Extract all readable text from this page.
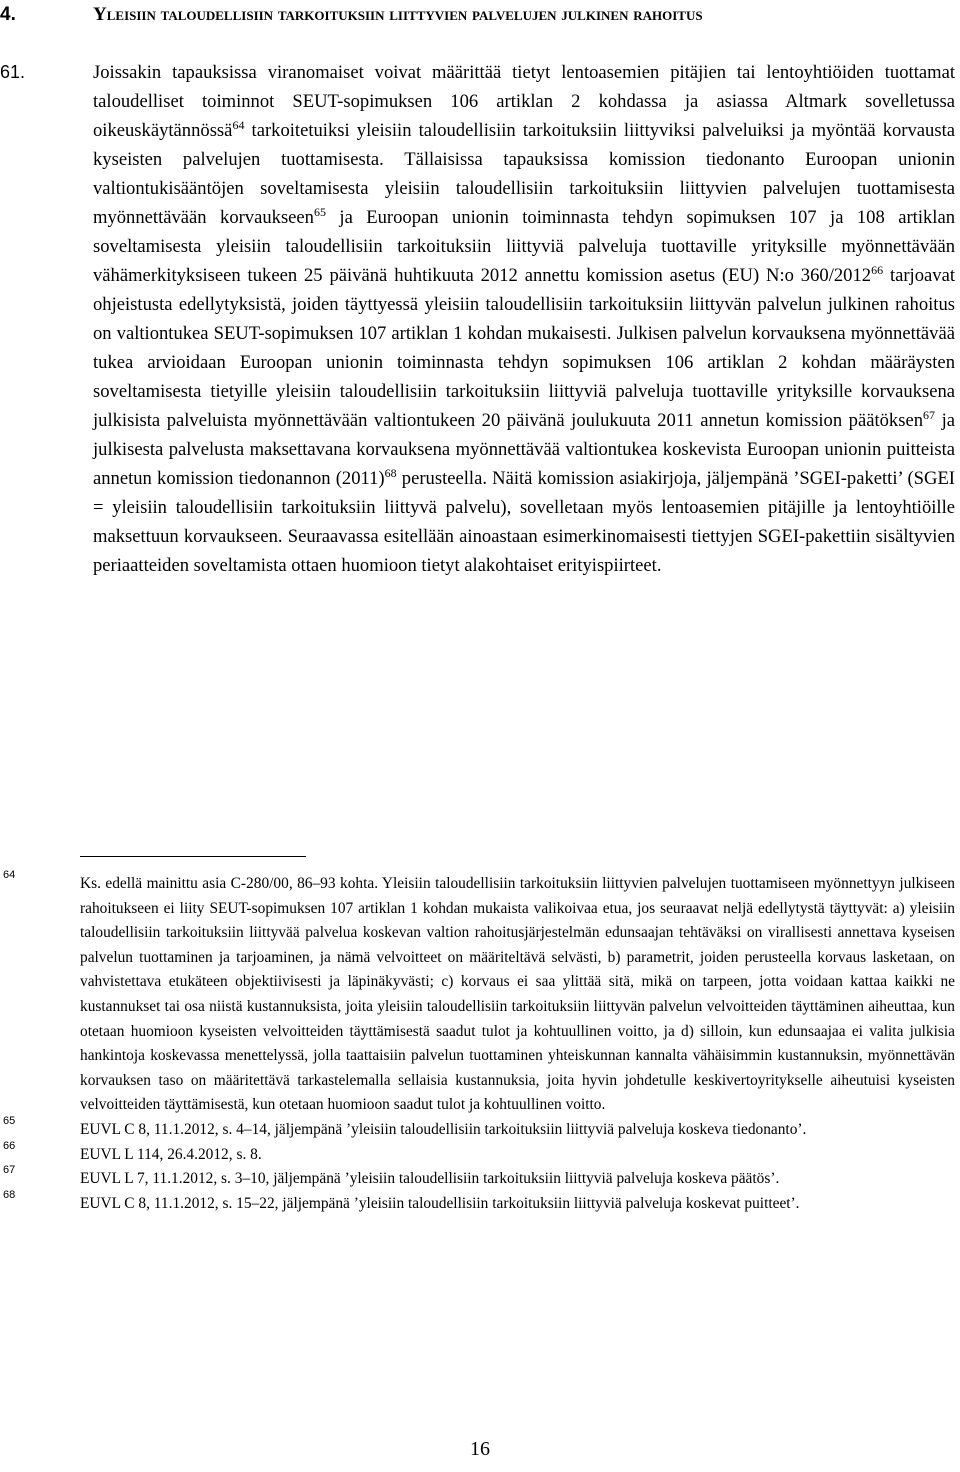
4.	Yleisiin taloudellisiin tarkoituksiin liittyvien palvelujen julkinen rahoitus
61.	Joissakin tapauksissa viranomaiset voivat määrittää tietyt lentoasemien pitäjien tai lentoyhtiöiden tuottamat taloudelliset toiminnot SEUT-sopimuksen 106 artiklan 2 kohdassa ja asiassa Altmark sovelletussa oikeuskäytännössä$^{64}$ tarkoitetuiksi yleisiin taloudellisiin tarkoituksiin liittyviksi palveluiksi ja myöntää korvausta kyseisten palvelujen tuottamisesta. Tällaisissa tapauksissa komission tiedonanto Euroopan unionin valtiontukisääntöjen soveltamisesta yleisiin taloudellisiin tarkoituksiin liittyvien palvelujen tuottamisesta myönnettävään korvaukseen$^{65}$ ja Euroopan unionin toiminnasta tehdyn sopimuksen 107 ja 108 artiklan soveltamisesta yleisiin taloudellisiin tarkoituksiin liittyviä palveluja tuottaville yrityksille myönnettävään vähämerkityksiseen tukeen 25 päivänä huhtikuuta 2012 annettu komission asetus (EU) N:o 360/2012$^{66}$ tarjoavat ohjeistusta edellytyksistä, joiden täyttyessä yleisiin taloudellisiin tarkoituksiin liittyvän palvelun julkinen rahoitus on valtiontukea SEUT-sopimuksen 107 artiklan 1 kohdan mukaisesti. Julkisen palvelun korvauksena myönnettävää tukea arvioidaan Euroopan unionin toiminnasta tehdyn sopimuksen 106 artiklan 2 kohdan määräysten soveltamisesta tietyille yleisiin taloudellisiin tarkoituksiin liittyviä palveluja tuottaville yrityksille korvauksena julkisista palveluista myönnettävään valtiontukeen 20 päivänä joulukuuta 2011 annetun komission päätöksen$^{67}$ ja julkisesta palvelusta maksettavana korvauksena myönnettävää valtiontukea koskevista Euroopan unionin puitteista annetun komission tiedonannon $(2011)^{68}$ perusteella. Näitä komission asiakirjoja, jäljempänä ’SGEI-paketti’ (SGEI = yleisiin taloudellisiin tarkoituksiin liittyvä palvelu), sovelletaan myös lentoasemien pitäjille ja lentoyhtiöille maksettuun korvaukseen. Seuraavassa esitellään ainoastaan esimerkinomaisesti tiettyjen SGEI-pakettiin sisältyvien periaatteiden soveltamista ottaen huomioon tietyt alakohtaiset erityispiirteet.

64	Ks. edellä mainittu asia C-280/00, 86–93 kohta. Yleisiin taloudellisiin tarkoituksiin liittyvien palvelujen tuottamiseen myönnettyyn julkiseen rahoitukseen ei liity SEUT-sopimuksen 107 artiklan 1 kohdan mukaista valikoivaa etua, jos seuraavat neljä edellytystä täyttyvät: a) yleisiin taloudellisiin tarkoituksiin liittyvää palvelua koskevan valtion rahoitusjärjestelmän edunsaajan tehtäväksi on virallisesti annettava kyseisen palvelun tuottaminen ja tarjoaminen, ja nämä velvoitteet on määriteltävä selvästi, b) parametrit, joiden perusteella korvaus lasketaan, on vahvistettava etukäteen objektiivisesti ja läpinäkyvästi; c) korvaus ei saa ylittää sitä, mikä on tarpeen, jotta voidaan kattaa kaikki ne kustannukset tai osa niistä kustannuksista, joita yleisiin taloudellisiin tarkoituksiin liittyvän palvelun velvoitteiden täyttäminen aiheuttaa, kun otetaan huomioon kyseisten velvoitteiden täyttämisestä saadut tulot ja kohtuullinen voitto, ja d) silloin, kun edunsaajaa ei valita julkisia hankintoja koskevassa menettelyssä, jolla taattaisiin palvelun tuottaminen yhteiskunnan kannalta vähäisimmin kustannuksin, myönnettävän korvauksen taso on määritettävä tarkastelemalla sellaisia kustannuksia, joita hyvin johdetulle keskivertoyritykselle aiheutuisi kyseisten velvoitteiden täyttämisestä, kun otetaan huomioon saadut tulot ja kohtuullinen voitto.

65	EUVL C 8, 11.1.2012, s. 4–14, jäljempänä ’yleisiin taloudellisiin tarkoituksiin liittyviä palveluja koskeva tiedonanto’.

66	EUVL L 114, 26.4.2012, s. 8.

67	EUVL L 7, 11.1.2012, s. 3–10, jäljempänä ’yleisiin taloudellisiin tarkoituksiin liittyviä palveluja koskeva päätös’.

68	EUVL C 8, 11.1.2012, s. 15–22, jäljempänä ’yleisiin taloudellisiin tarkoituksiin liittyviä palveluja koskevat puitteet’.

16
